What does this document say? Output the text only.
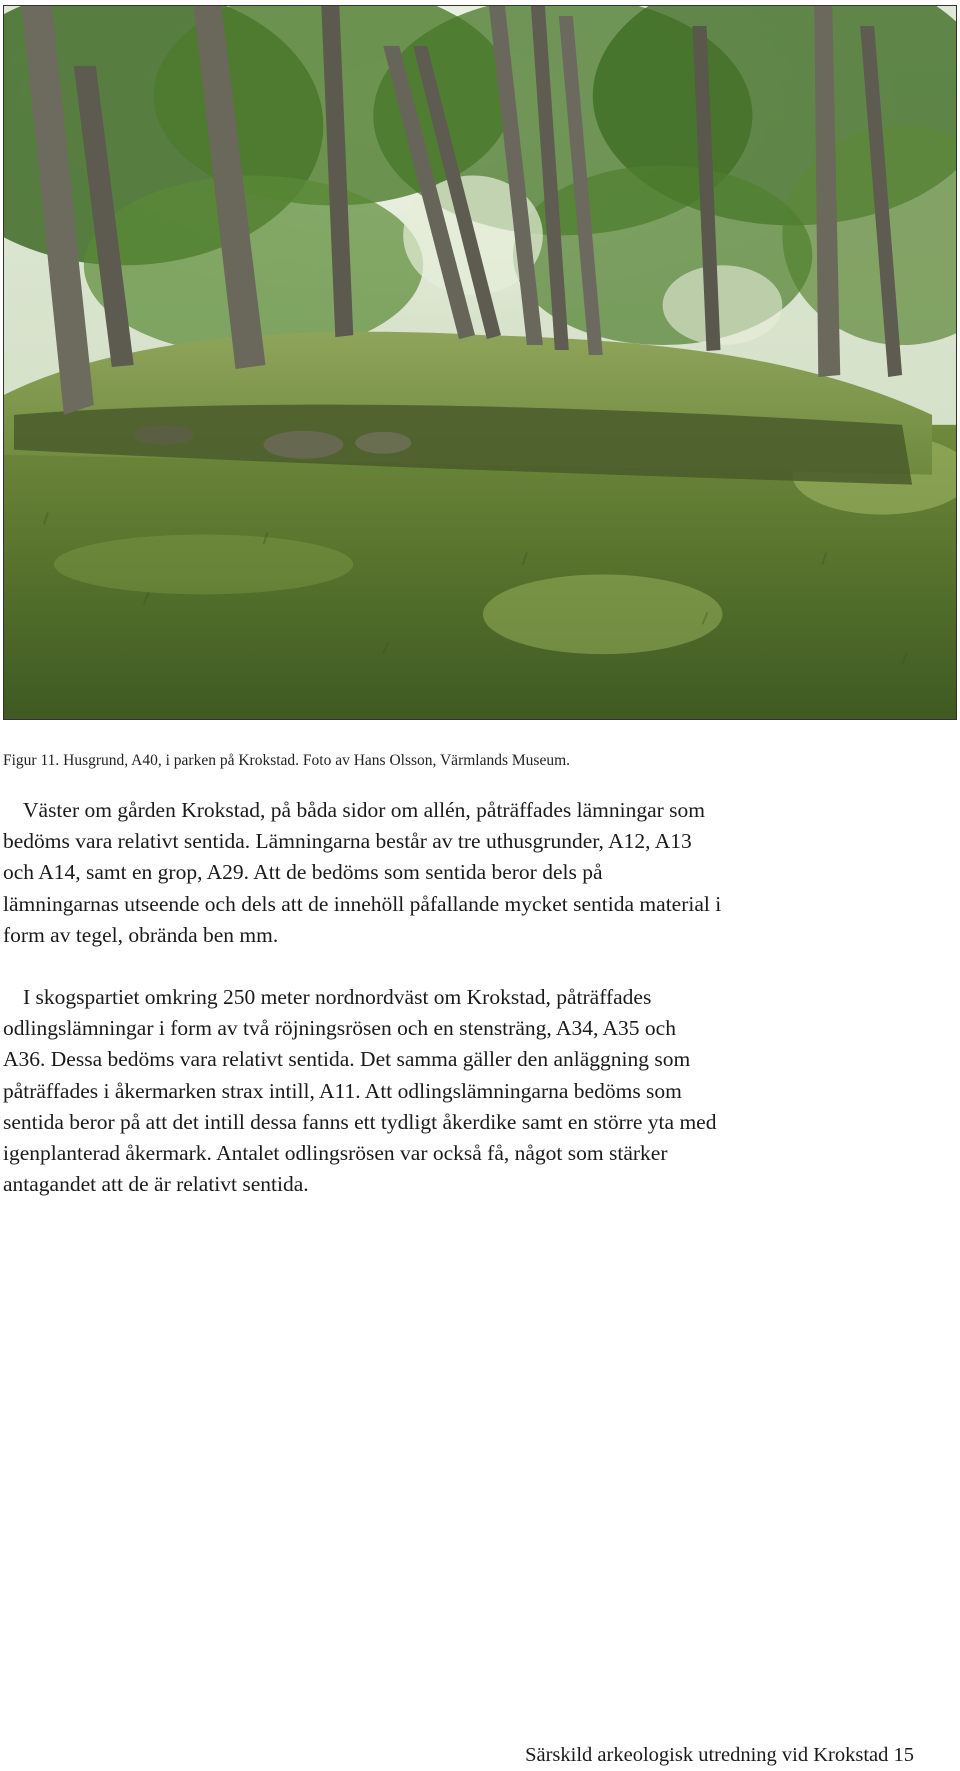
Figur 11. Husgrund, A40, i parken på Krokstad. Foto av Hans Olsson, Värmlands Museum.

Väster om gården Krokstad, på båda sidor om allén, påträffades lämningar som
bedöms vara relativt sentida. Lämningarna består av tre uthusgrunder, A12, A13
och A14, samt en grop, A29. Att de bedöms som sentida beror dels på
lämningarnas utseende och dels att de innehöll påfallande mycket sentida material i
form av tegel, obrända ben mm.

I skogspartiet omkring 250 meter nordnordväst om Krokstad, påträffades
odlingslämningar i form av två röjningsrösen och en stensträng, A34, A35 och
A36. Dessa bedöms vara relativt sentida. Det samma gäller den anläggning som
påträffades i åkermarken strax intill, A11. Att odlingslämningarna bedöms som
sentida beror på att det intill dessa fanns ett tydligt åkerdike samt en större yta med
igenplanterad åkermark. Antalet odlingsrösen var också få, något som stärker
antagandet att de är relativt sentida.

Särskild arkeologisk utredning vid Krokstad 15
